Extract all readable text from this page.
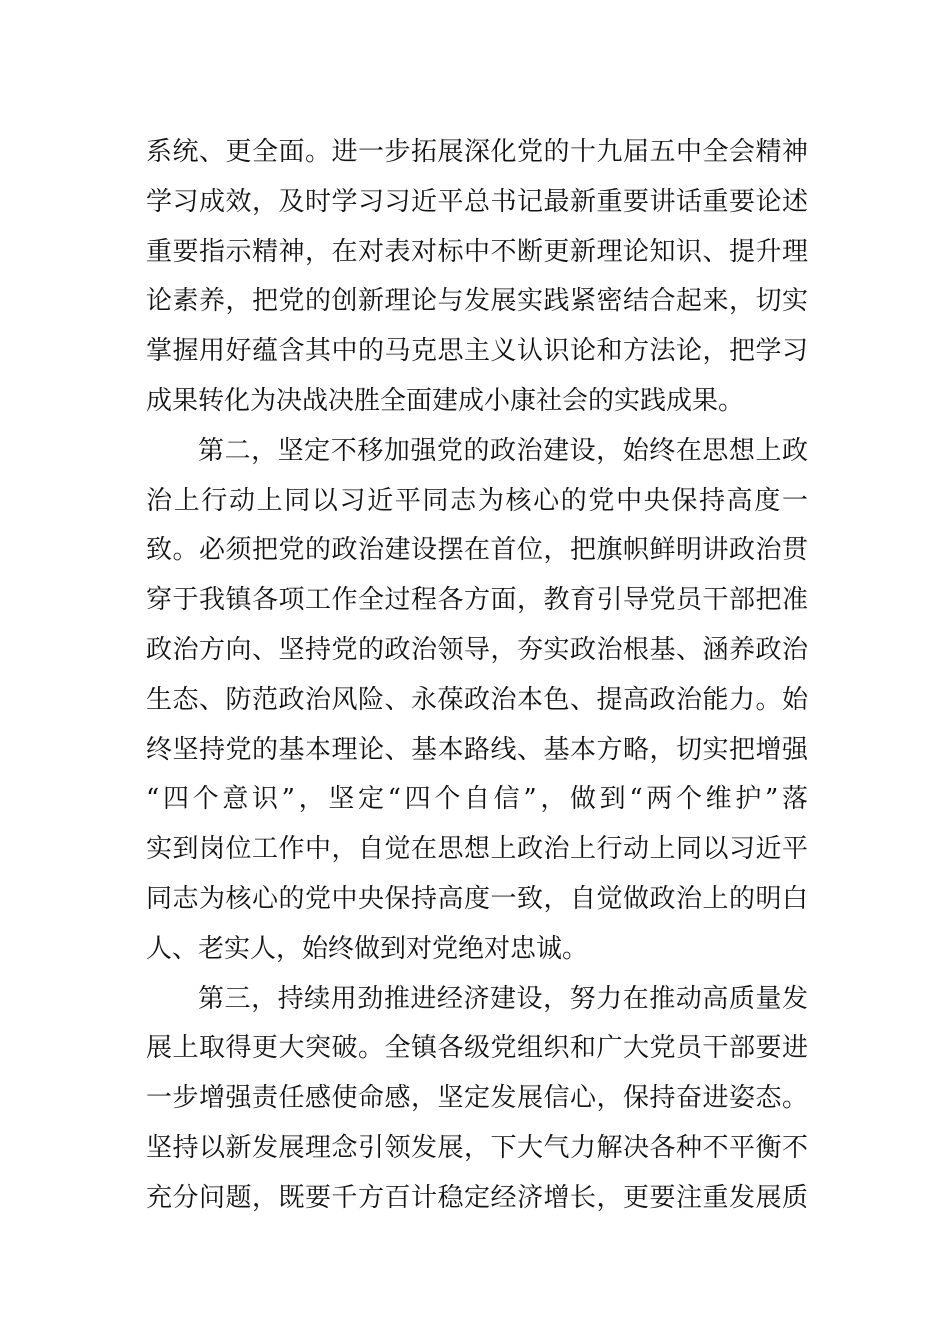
系统、更全面。进一步拓展深化党的十九届五中全会精神
学习成效，及时学习习近平总书记最新重要讲话重要论述
重要指示精神，在对表对标中不断更新理论知识、提升理
论素养，把党的创新理论与发展实践紧密结合起来，切实
掌握用好蕴含其中的马克思主义认识论和方法论，把学习
成果转化为决战决胜全面建成小康社会的实践成果。
第二，坚定不移加强党的政治建设，始终在思想上政
治上行动上同以习近平同志为核心的党中央保持高度一
致。必须把党的政治建设摆在首位，把旗帜鲜明讲政治贯
穿于我镇各项工作全过程各方面，教育引导党员干部把准
政治方向、坚持党的政治领导，夯实政治根基、涵养政治
生态、防范政治风险、永葆政治本色、提高政治能力。始
终坚持党的基本理论、基本路线、基本方略，切实把增强
“四个意识”，坚定“四个自信”，做到“两个维护”落
实到岗位工作中，自觉在思想上政治上行动上同以习近平
同志为核心的党中央保持高度一致，自觉做政治上的明白
人、老实人，始终做到对党绝对忠诚。
第三，持续用劲推进经济建设，努力在推动高质量发
展上取得更大突破。全镇各级党组织和广大党员干部要进
一步增强责任感使命感，坚定发展信心，保持奋进姿态。
坚持以新发展理念引领发展，下大气力解决各种不平衡不
充分问题，既要千方百计稳定经济增长，更要注重发展质
